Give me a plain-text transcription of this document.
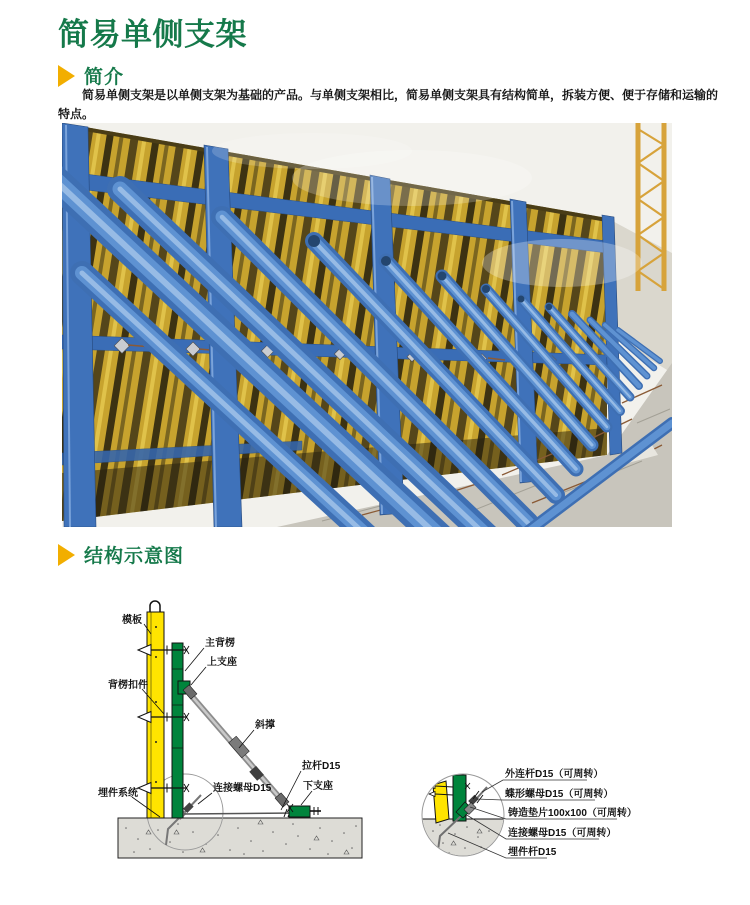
简易单侧支架
简介

简易单侧支架是以单侧支架为基础的产品。与单侧支架相比，简易单侧支架具有结构简单，拆装方便、便于存储和运输的特点。

结构示意图
模板
主背楞
上支座
背楞扣件
斜撑
拉杆D15
连接螺母D15	下支座
埋件系统
外连杆D15（可周转）
蝶形螺母D15（可周转）
铸造垫片100x100（可周转）
连接螺母D15（可周转）
埋件杆D15
